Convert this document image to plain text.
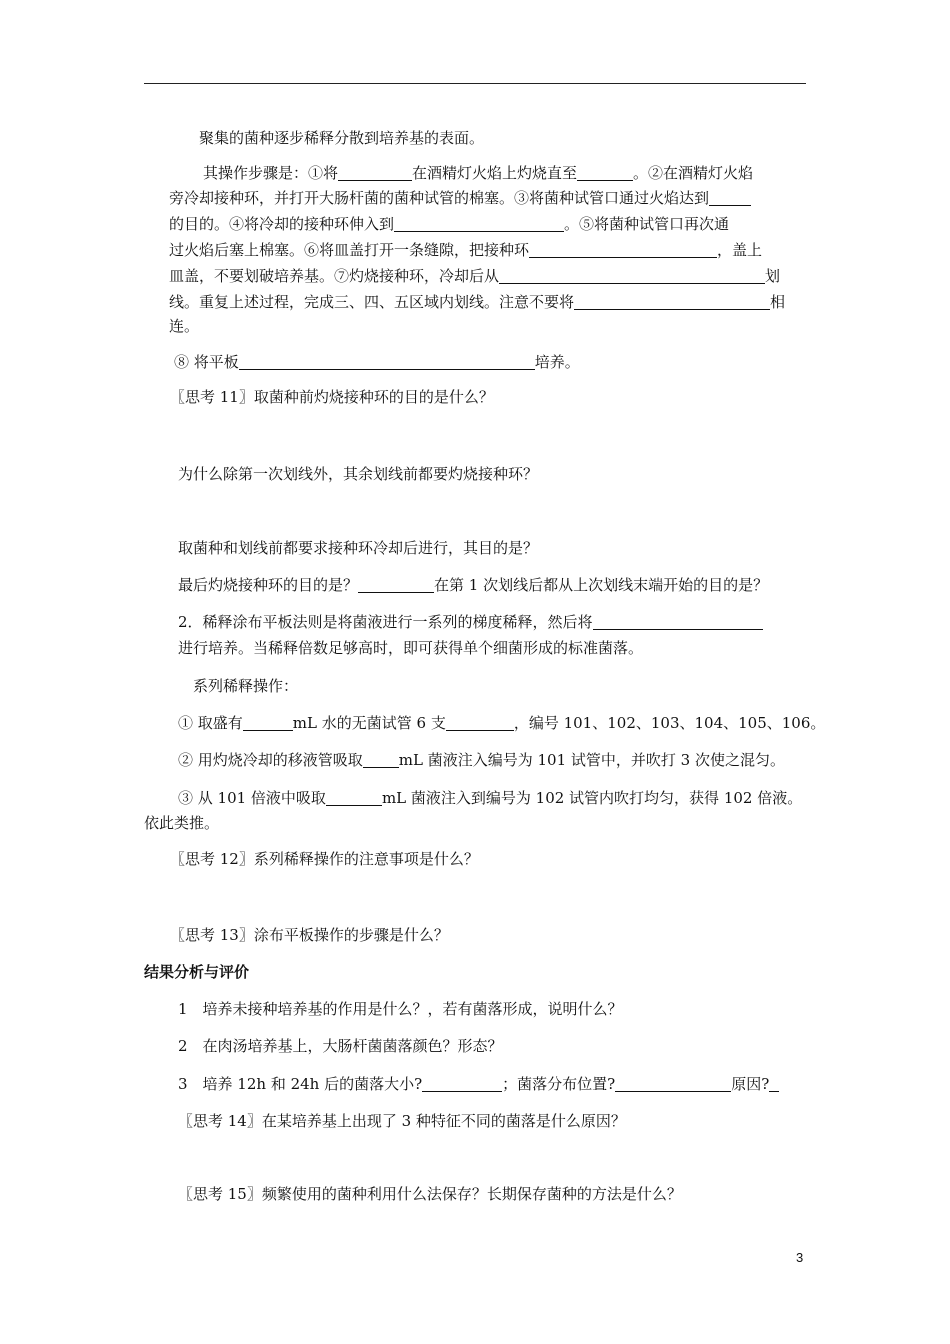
聚集的菌种逐步稀释分散到培养基的表面。
其操作步骤是：①将	在酒精灯火焰上灼烧直至	。②在酒精灯火焰
旁冷却接种环，并打开大肠杆菌的菌种试管的棉塞。③将菌种试管口通过火焰达到
的目的。④将冷却的接种环伸入到	。⑤将菌种试管口再次通
过火焰后塞上棉塞。⑥将皿盖打开一条缝隙，把接种环	，盖上
皿盖，不要划破培养基。⑦灼烧接种环，冷却后从	划
线。重复上述过程，完成三、四、五区域内划线。注意不要将	相
连。
⑧ 将平板	培养。
〖思考 11〗取菌种前灼烧接种环的目的是什么？
为什么除第一次划线外，其余划线前都要灼烧接种环？
取菌种和划线前都要求接种环冷却后进行，其目的是？
最后灼烧接种环的目的是？	在第 1 次划线后都从上次划线末端开始的目的是？
2．稀释涂布平板法则是将菌液进行一系列的梯度稀释，然后将
进行培养。当稀释倍数足够高时，即可获得单个细菌形成的标准菌落。
系列稀释操作：
① 取盛有	mL 水的无菌试管 6 支	，编号 101、102、103、104、105、106。
② 用灼烧冷却的移液管吸取 mL 菌液注入编号为 101 试管中，并吹打 3 次使之混匀。
③ 从 101 倍液中吸取	mL 菌液注入到编号为 102 试管内吹打均匀，获得 102 倍液。
依此类推。
〖思考 12〗系列稀释操作的注意事项是什么？
〖思考 13〗涂布平板操作的步骤是什么？
结果分析与评价
1　培养未接种培养基的作用是什么？，若有菌落形成，说明什么？
2　在肉汤培养基上，大肠杆菌菌落颜色？形态？
3　培养 12h 和 24h 后的菌落大小?	；菌落分布位置?	原因?
〖思考 14〗在某培养基上出现了 3 种特征不同的菌落是什么原因？
〖思考 15〗频繁使用的菌种利用什么法保存？长期保存菌种的方法是什么？
3
